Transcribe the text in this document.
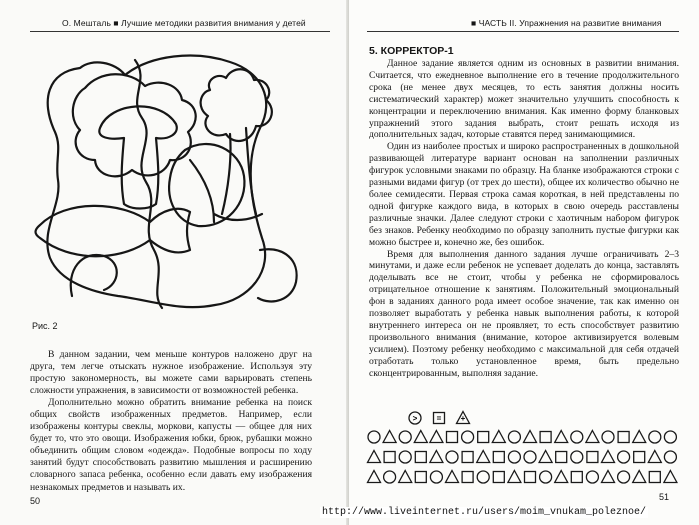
О. Мешталь ■ Лучшие методики развития внимания у детей
Рис. 2

В данном задании, чем меньше контуров наложено друг на друга, тем легче отыскать нужное изображение. Используя эту простую закономерность, вы можете сами варьировать степень сложности упражнения, в зависимости от возможностей ребенка.

Дополнительно можно обратить внимание ребенка на поиск общих свойств изображенных предметов. Например, если изображены контуры свеклы, моркови, капусты — общее для них будет то, что это овощи. Изображения юбки, брюк, рубашки можно объединить общим словом «одежда». Подобные вопросы по ходу занятий будут способствовать развитию мышления и расширению словарного запаса ребенка, особенно если давать ему изображения незнакомых предметов и называть их.

50
■ ЧАСТЬ II. Упражнения на развитие внимания
5. КОРРЕКТОР-1

Данное задание является одним из основных в развитии внимания. Считается, что ежедневное выполнение его в течение продолжительного срока (не менее двух месяцев, то есть занятия должны носить систематический характер) может значительно улучшить способность к концентрации и переключению внимания. Как именно форму бланковых упражнений этого задания выбрать, стоит решать исходя из дополнительных задач, которые ставятся перед занимающимися.

Один из наиболее простых и широко распространенных в дошкольной развивающей литературе вариант основан на заполнении различных фигурок условными знаками по образцу. На бланке изображаются строки с разными видами фигур (от трех до шести), общее их количество обычно не более семидесяти. Первая строка самая короткая, в ней представлены по одной фигурке каждого вида, в которых в свою очередь расставлены различные значки. Далее следуют строки с хаотичным набором фигурок без знаков. Ребенку необходимо по образцу заполнить пустые фигурки как можно быстрее и, конечно же, без ошибок.

Время для выполнения данного задания лучше ограничивать 2–3 минутами, и даже если ребенок не успевает доделать до конца, заставлять доделывать все не стоит, чтобы у ребенка не сформировалось отрицательное отношение к занятиям. Положительный эмоциональный фон в заданиях данного рода имеет особое значение, так как именно он позволяет выработать у ребенка навык выполнения работы, к которой внутреннего интереса он не проявляет, то есть способствует развитию произвольного внимания (внимание, которое активизируется волевым усилием). Поэтому ребенку необходимо с максимальной для себя отдачей отработать только установленное время, быть предельно сконцентрированным, выполняя задание.

> = +
51
http://www.liveinternet.ru/users/moim_vnukam_poleznoe/
